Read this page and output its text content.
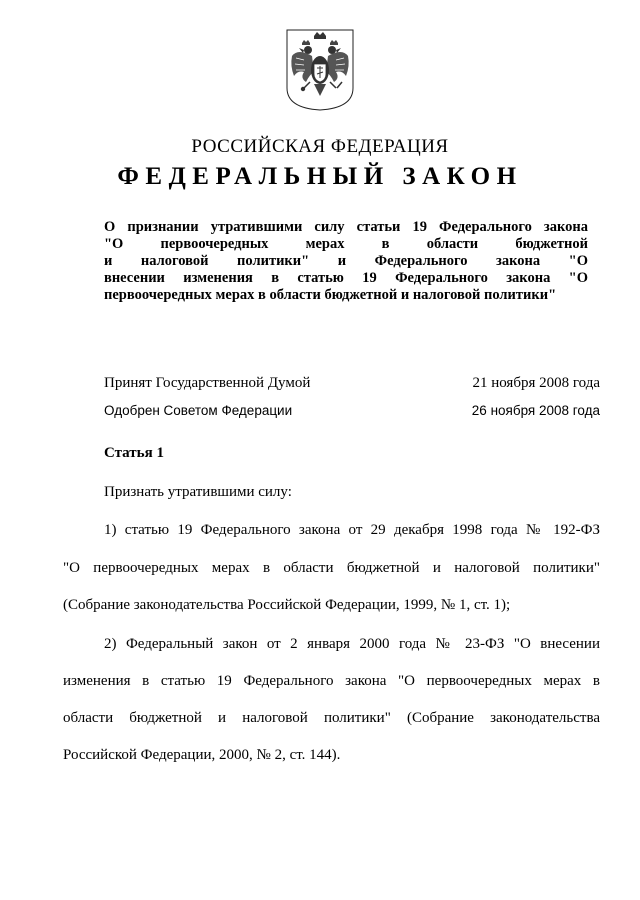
РОССИЙСКАЯ ФЕДЕРАЦИЯ
ФЕДЕРАЛЬНЫЙ ЗАКОН
О признании утратившими силу статьи 19 Федерального закона
"О первоочередных мерах в области бюджетной
и налоговой политики" и Федерального закона "О
внесении изменения в статью 19 Федерального закона "О
первоочередных мерах в области бюджетной и налоговой политики"
Принят Государственной Думой	21 ноября 2008 года
Одобрен Советом Федерации	26 ноября 2008 года
Статья 1
Признать утратившими силу:
1) статью 19 Федерального закона от 29 декабря 1998 года № 192-ФЗ
"О первоочередных мерах в области бюджетной и налоговой политики"
(Собрание законодательства Российской Федерации, 1999, № 1, ст. 1);
2) Федеральный закон от 2 января 2000 года № 23-ФЗ "О внесении
изменения в статью 19 Федерального закона "О первоочередных мерах в
области бюджетной и налоговой политики" (Собрание законодательства
Российской Федерации, 2000, № 2, ст. 144).
